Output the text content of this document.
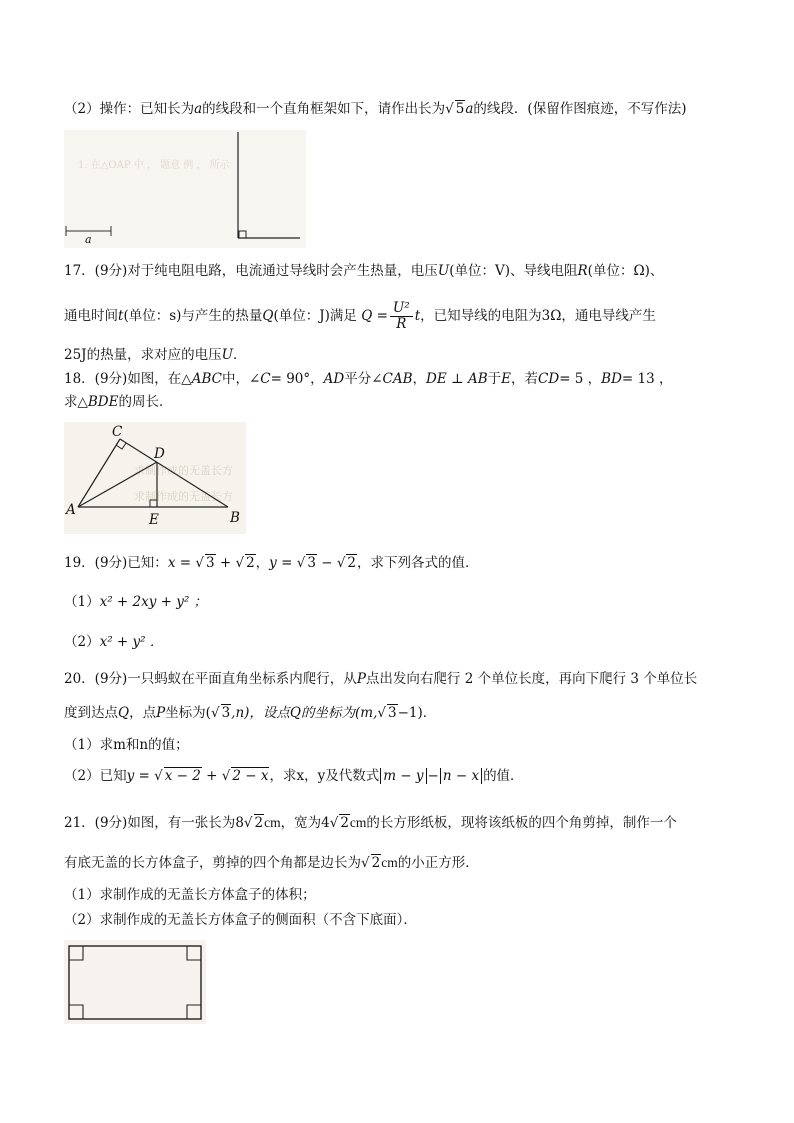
（2）操作：已知长为a的线段和一个直角框架如下，请作出长为√ 5a的线段．(保留作图痕迹，不写作法)
1. 在△OAP 中 ， 题意 例 ， 所示
a
17．(9分)对于纯电阻电路，电流通过导线时会产生热量，电压U(单位：V)、导线电阻R(单位：Ω)、
通电时间t(单位：s)与产生的热量Q(单位：J)满足 $Q = \frac{\text{U²}}{R}$ t，已知导线的电阻为3Ω，通电导线产生
25J的热量，求对应的电压U．
18．(9分)如图，在△ABC中，∠C= 90°，AD平分∠CAB，DE ⊥ AB于E，若CD= 5 ，BD= 13 ，
求△BDE的周长．
求制作成的无盖长方
求制作成的无盖长方
C
D
A
E	B
19．(9分)已知：x = √ 3 + √ 2，y = √ 3 − √ 2，求下列各式的值．
（1）x² + 2xy + y² ；
（2）x² + y² ．
20．(9分)一只蚂蚁在平面直角坐标系内爬行，从P点出发向右爬行 2 个单位长度，再向下爬行 3 个单位长
度到达点Q，点P坐标为(√ 3,n)，设点Q的坐标为(m,√ 3−1)．
（1）求m和n的值；
（2）已知y = √ x − 2 + √ 2 − x，求x，y及代数式 m − y − n − x 的值．
21．(9分)如图，有一张长为8√ 2cm，宽为4√ 2cm的长方形纸板，现将该纸板的四个角剪掉，制作一个
有底无盖的长方体盒子，剪掉的四个角都是边长为√ 2cm的小正方形．
（1）求制作成的无盖长方体盒子的体积；
（2）求制作成的无盖长方体盒子的侧面积（不含下底面）．
